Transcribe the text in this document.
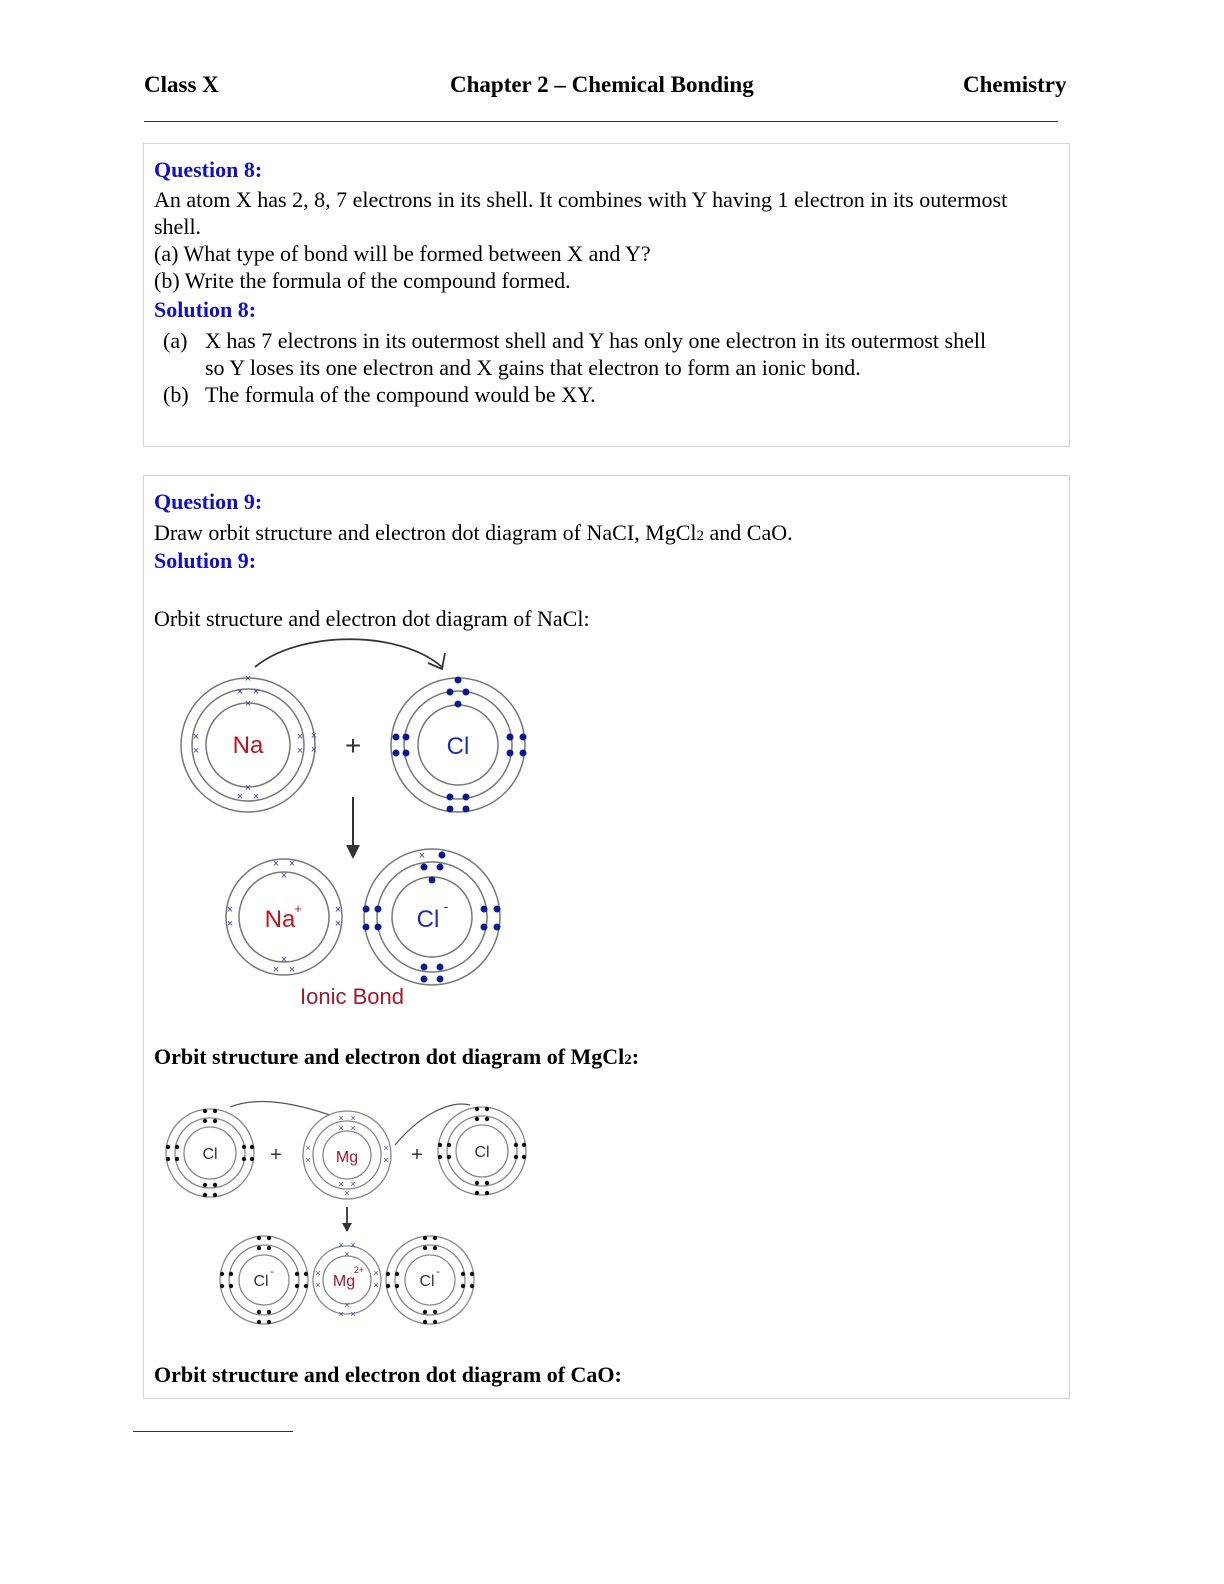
Class X	Chapter 2 – Chemical Bonding	Chemistry
Question 8:
An atom X has 2, 8, 7 electrons in its shell. It combines with Y having 1 electron in its outermost
shell.
(a) What type of bond will be formed between X and Y?
(b) Write the formula of the compound formed.
Solution 8:
(a) X has 7 electrons in its outermost shell and Y has only one electron in its outermost shell
so Y loses its one electron and X gains that electron to form an ionic bond.
(b) The formula of the compound would be XY.
Question 9:
Draw orbit structure and electron dot diagram of NaCI, MgCl2 and CaO.
Solution 9:
Orbit structure and electron dot diagram of NaCl:
Na
×
× ×
×
× ×
×
×
×
×
×
×
× +	Cl
Na
+
× ×
×
× ×
×
×
×
×
×	Cl -
×
Ionic Bond
Orbit structure and electron dot diagram of MgCl2:
Cl	+	Mg
× ×
× ×
× ×
×
×
×
×
× +	Cl
Cl
-
Mg
2+
× ×
×
× ×
×
×
×
×
×	Cl
-
Orbit structure and electron dot diagram of CaO:
